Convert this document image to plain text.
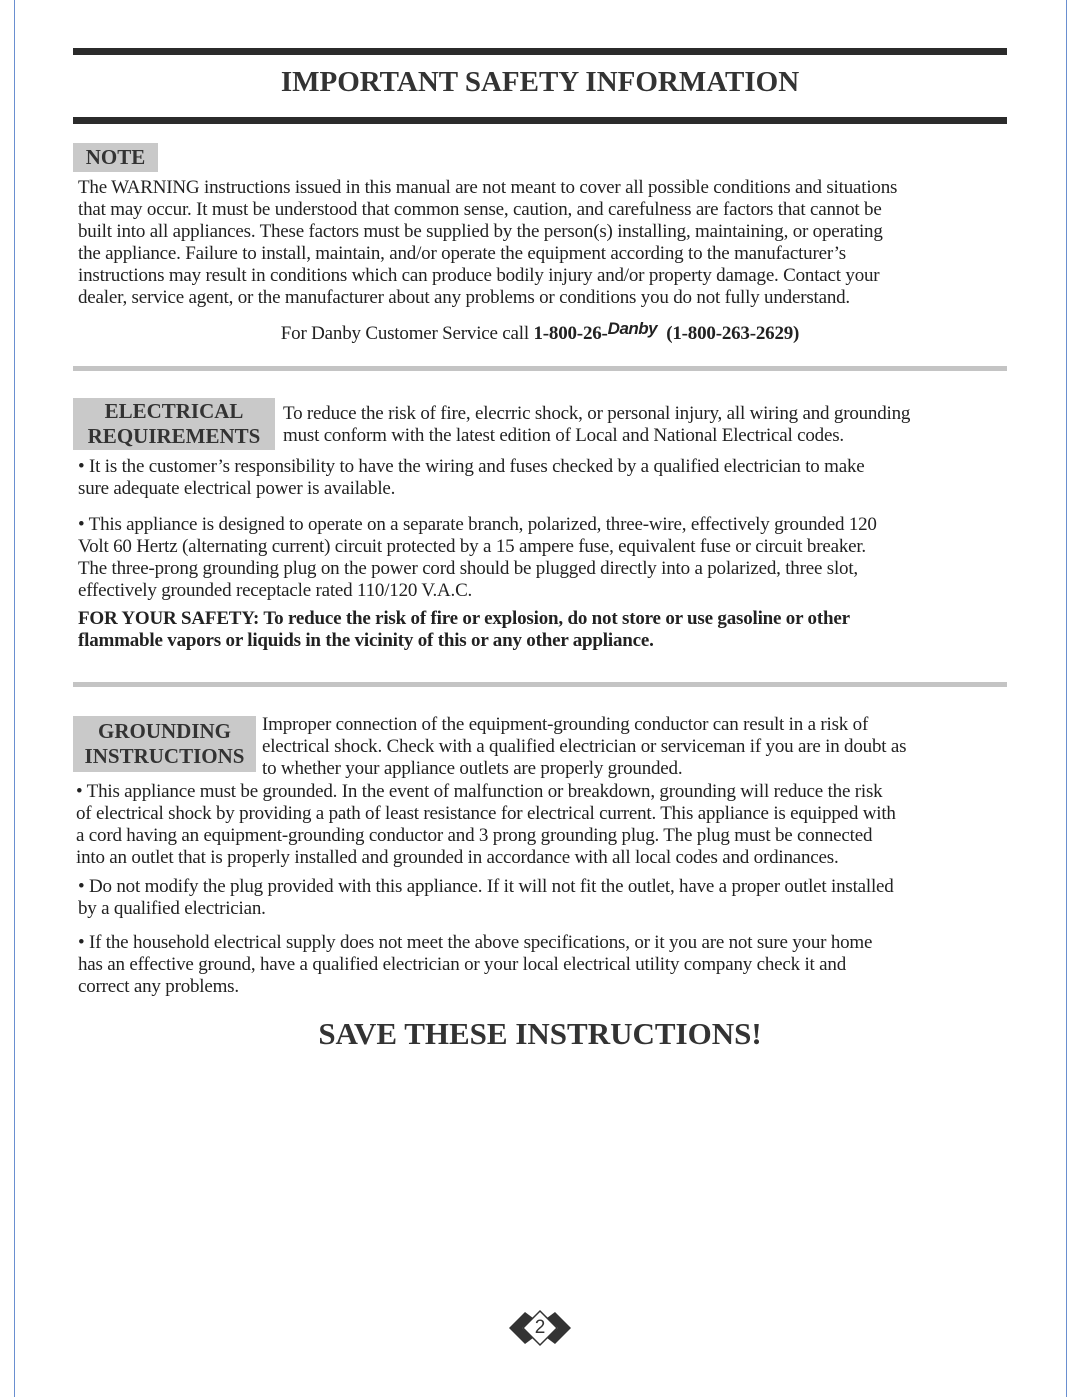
IMPORTANT SAFETY INFORMATION
NOTE
The WARNING instructions issued in this manual are not meant to cover all possible conditions and situations
that may occur. It must be understood that common sense, caution, and carefulness are factors that cannot be
built into all appliances. These factors must be supplied by the person(s) installing, maintaining, or operating
the appliance. Failure to install, maintain, and/or operate the equipment according to the manufacturer’s
instructions may result in conditions which can produce bodily injury and/or property damage. Contact your
dealer, service agent, or the manufacturer about any problems or conditions you do not fully understand.
For Danby Customer Service call 1-800-26-Danby (1-800-263-2629)
ELECTRICAL
REQUIREMENTS
To reduce the risk of fire, elecrric shock, or personal injury, all wiring and grounding
must conform with the latest edition of Local and National Electrical codes.
• It is the customer’s responsibility to have the wiring and fuses checked by a qualified electrician to make
sure adequate electrical power is available.
• This appliance is designed to operate on a separate branch, polarized, three-wire, effectively grounded 120
Volt 60 Hertz (alternating current) circuit protected by a 15 ampere fuse, equivalent fuse or circuit breaker.
The three-prong grounding plug on the power cord should be plugged directly into a polarized, three slot,
effectively grounded receptacle rated 110/120 V.A.C.
FOR YOUR SAFETY: To reduce the risk of fire or explosion, do not store or use gasoline or other
flammable vapors or liquids in the vicinity of this or any other appliance.
GROUNDING
INSTRUCTIONS
Improper connection of the equipment-grounding conductor can result in a risk of
electrical shock. Check with a qualified electrician or serviceman if you are in doubt as
to whether your appliance outlets are properly grounded.
• This appliance must be grounded. In the event of malfunction or breakdown, grounding will reduce the risk
of electrical shock by providing a path of least resistance for electrical current. This appliance is equipped with
a cord having an equipment-grounding conductor and 3 prong grounding plug. The plug must be connected
into an outlet that is properly installed and grounded in accordance with all local codes and ordinances.
• Do not modify the plug provided with this appliance. If it will not fit the outlet, have a proper outlet installed
by a qualified electrician.
• If the household electrical supply does not meet the above specifications, or it you are not sure your home
has an effective ground, have a qualified electrician or your local electrical utility company check it and
correct any problems.
SAVE THESE INSTRUCTIONS!
2
